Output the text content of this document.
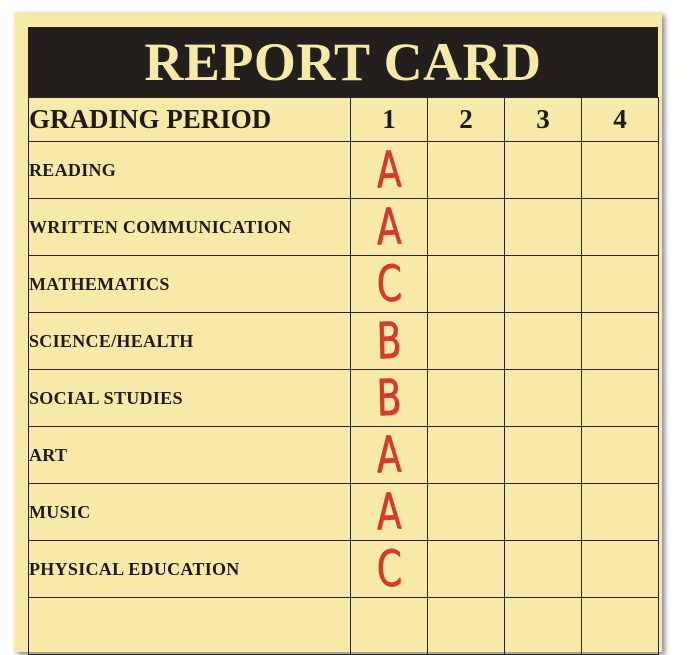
REPORT CARD
GRADING PERIOD	1	2	3	4
READING	A			
WRITTEN COMMUNICATION	A			
MATHEMATICS	C			
SCIENCE/HEALTH	B			
SOCIAL STUDIES	B			
ART	A			
MUSIC	A			
PHYSICAL EDUCATION	C			
